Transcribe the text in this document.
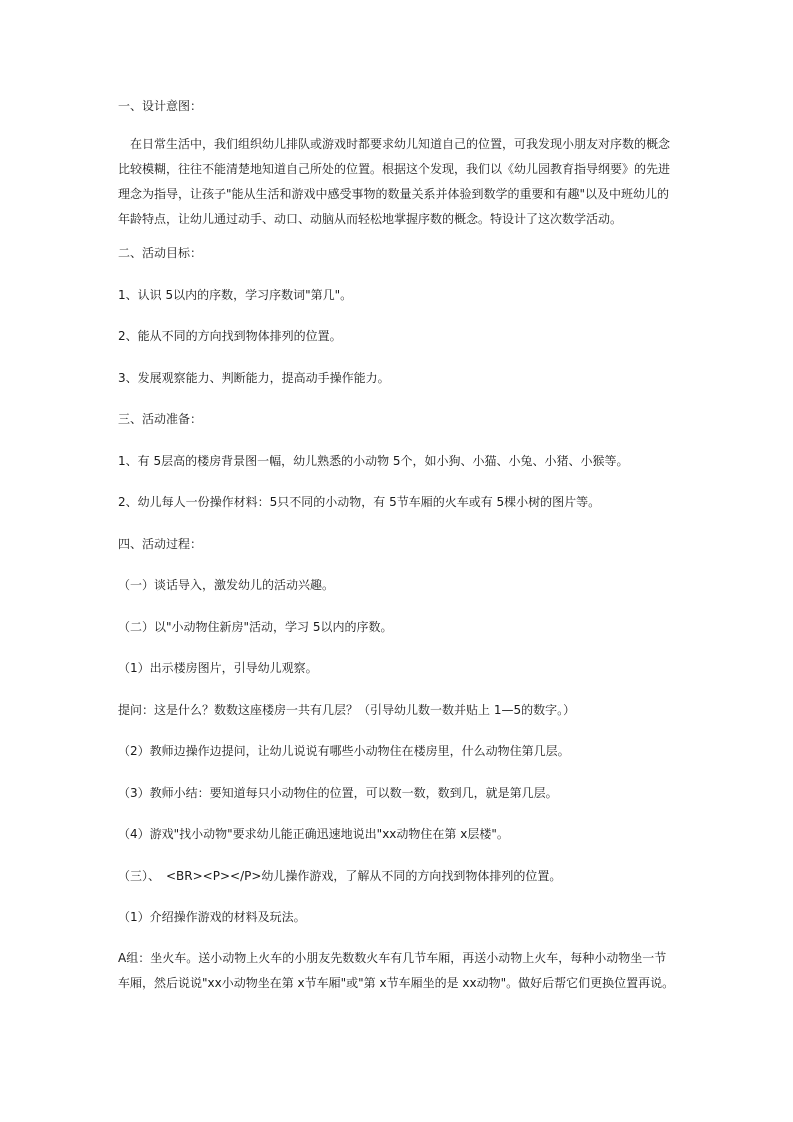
一、设计意图：

　在日常生活中，我们组织幼儿排队或游戏时都要求幼儿知道自己的位置，可我发现小朋友对序数的概念
比较模糊，往往不能清楚地知道自己所处的位置。根据这个发现，我们以《幼儿园教育指导纲要》的先进
理念为指导，让孩子"能从生活和游戏中感受事物的数量关系并体验到数学的重要和有趣"以及中班幼儿的
年龄特点，让幼儿通过动手、动口、动脑从而轻松地掌握序数的概念。特设计了这次数学活动。

二、活动目标：

1、认识 5以内的序数，学习序数词"第几"。

2、能从不同的方向找到物体排列的位置。

3、发展观察能力、判断能力，提高动手操作能力。

三、活动准备：

1、有 5层高的楼房背景图一幅，幼儿熟悉的小动物 5个，如小狗、小猫、小兔、小猪、小猴等。

2、幼儿每人一份操作材料：5只不同的小动物，有 5节车厢的火车或有 5棵小树的图片等。

四、活动过程：

（一）谈话导入，激发幼儿的活动兴趣。

（二）以"小动物住新房"活动，学习 5以内的序数。

（1）出示楼房图片，引导幼儿观察。

提问：这是什么？数数这座楼房一共有几层？（引导幼儿数一数并贴上 1—5的数字。）

（2）教师边操作边提问，让幼儿说说有哪些小动物住在楼房里，什么动物住第几层。

（3）教师小结：要知道每只小动物住的位置，可以数一数，数到几，就是第几层。

（4）游戏"找小动物"要求幼儿能正确迅速地说出"xx动物住在第 x层楼"。

（三）、　<BR><P></P>幼儿操作游戏，了解从不同的方向找到物体排列的位置。

（1）介绍操作游戏的材料及玩法。

A组：坐火车。送小动物上火车的小朋友先数数火车有几节车厢，再送小动物上火车，每种小动物坐一节
车厢，然后说说"xx小动物坐在第 x节车厢"或"第 x节车厢坐的是 xx动物"。做好后帮它们更换位置再说。
